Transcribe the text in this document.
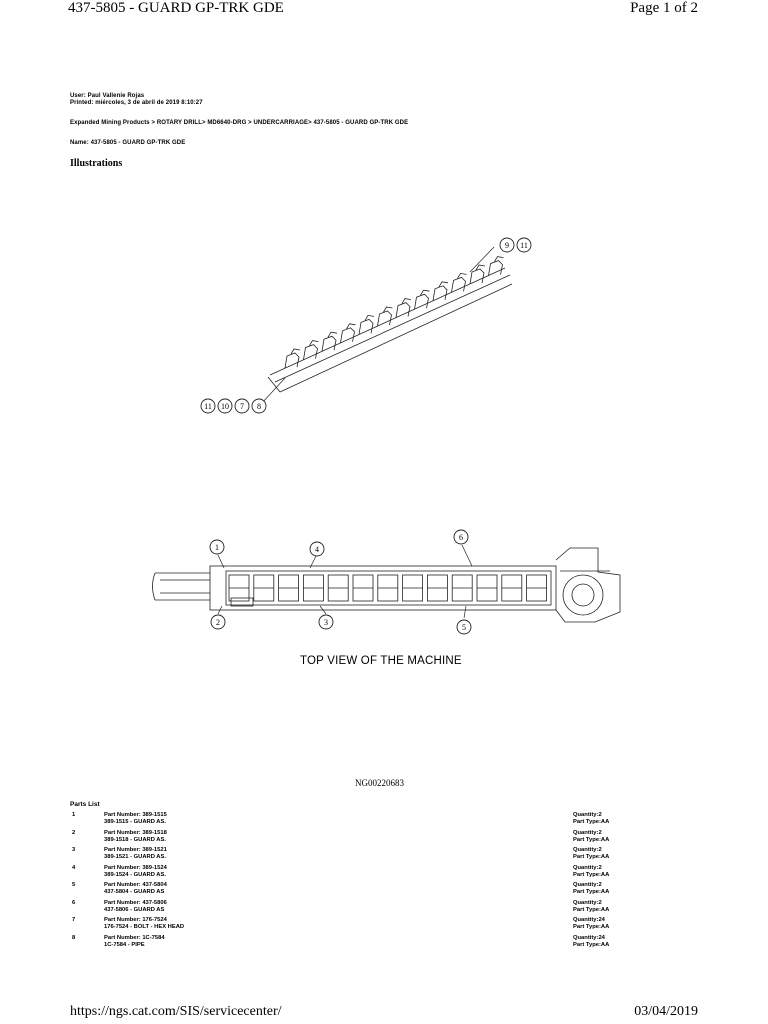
437-5805 - GUARD GP-TRK GDE	Page 1 of 2
User: Paul Vallenie Rojas
Printed: miércoles, 3 de abril de 2019 8:10:27
Expanded Mining Products > ROTARY DRILL> MD6640-DRG > UNDERCARRIAGE> 437-5805 - GUARD GP-TRK GDE
Name: 437-5805 - GUARD GP-TRK GDE
Illustrations
9 11
11 10 7 8
1	4
6
2	3
5
TOP VIEW OF THE MACHINE
NG00220683
Parts List
1	Part Number: 389-1515
389-1515 - GUARD AS.
Quantity:2
Part Type:AA
2	Part Number: 389-1518
389-1518 - GUARD AS.
Quantity:2
Part Type:AA
3	Part Number: 389-1521
389-1521 - GUARD AS.
Quantity:2
Part Type:AA
4	Part Number: 389-1524
389-1524 - GUARD AS.
Quantity:2
Part Type:AA
5	Part Number: 437-5804
437-5804 - GUARD AS
Quantity:2
Part Type:AA
6	Part Number: 437-5806
437-5806 - GUARD AS
Quantity:2
Part Type:AA
7	Part Number: 176-7524
176-7524 - BOLT - HEX HEAD
Quantity:24
Part Type:AA
8	Part Number: 1C-7584
1C-7584 - PIPE
Quantity:24
Part Type:AA
https://ngs.cat.com/SIS/servicecenter/	03/04/2019
